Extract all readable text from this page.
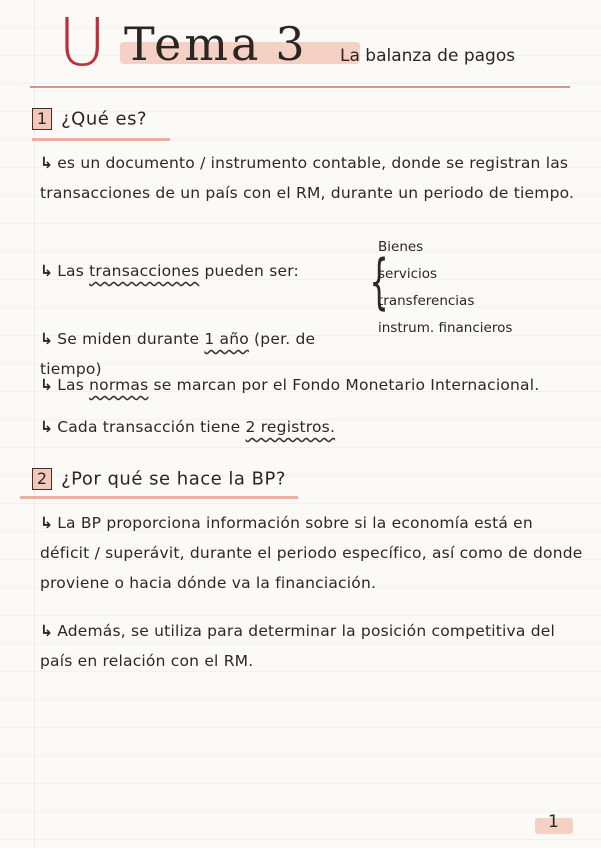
U Tema 3 La balanza de pagos
1 ¿Qué es?
↳ es un documento / instrumento contable, donde se registran las transacciones de un país con el RM, durante un periodo de tiempo.
↳ Las transacciones pueden ser:	{
Bienes
servicios
transferencias
instrum. financieros
↳ Se miden durante 1 año (per. de tiempo)
↳ Las normas se marcan por el Fondo Monetario Internacional.
↳ Cada transacción tiene 2 registros.
2 ¿Por qué se hace la BP?
↳ La BP proporciona información sobre si la economía está en déficit / superávit, durante el periodo específico, así como de donde proviene o hacia dónde va la financiación.
↳ Además, se utiliza para determinar la posición competitiva del país en relación con el RM.
1
